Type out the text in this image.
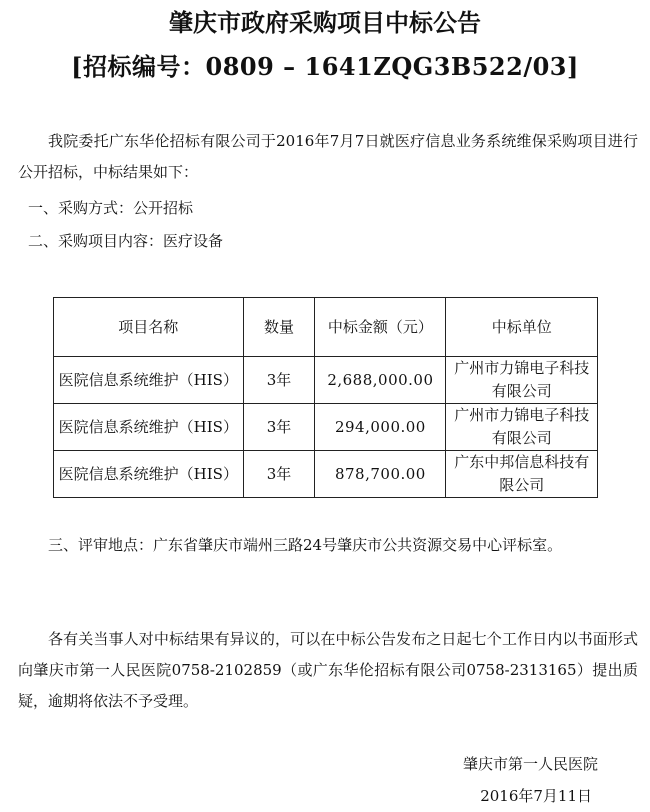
肇庆市政府采购项目中标公告
[招标编号：0809 – 1641ZQG3B522/03]

我院委托广东华伦招标有限公司于2016年7月7日就医疗信息业务系统维保采购项目进行公开招标，中标结果如下：

一、采购方式：公开招标

二、采购项目内容：医疗设备

项目名称	数量	中标金额（元）	中标单位
医院信息系统维护（HIS）	3年	2,688,000.00	广州市力锦电子科技有限公司
医院信息系统维护（HIS）	3年	294,000.00	广州市力锦电子科技有限公司
医院信息系统维护（HIS）	3年	878,700.00	广东中邦信息科技有限公司

三、评审地点：广东省肇庆市端州三路24号肇庆市公共资源交易中心评标室。

各有关当事人对中标结果有异议的，可以在中标公告发布之日起七个工作日内以书面形式向肇庆市第一人民医院0758-2102859（或广东华伦招标有限公司0758-2313165）提出质疑，逾期将依法不予受理。

肇庆市第一人民医院

2016年7月11日
